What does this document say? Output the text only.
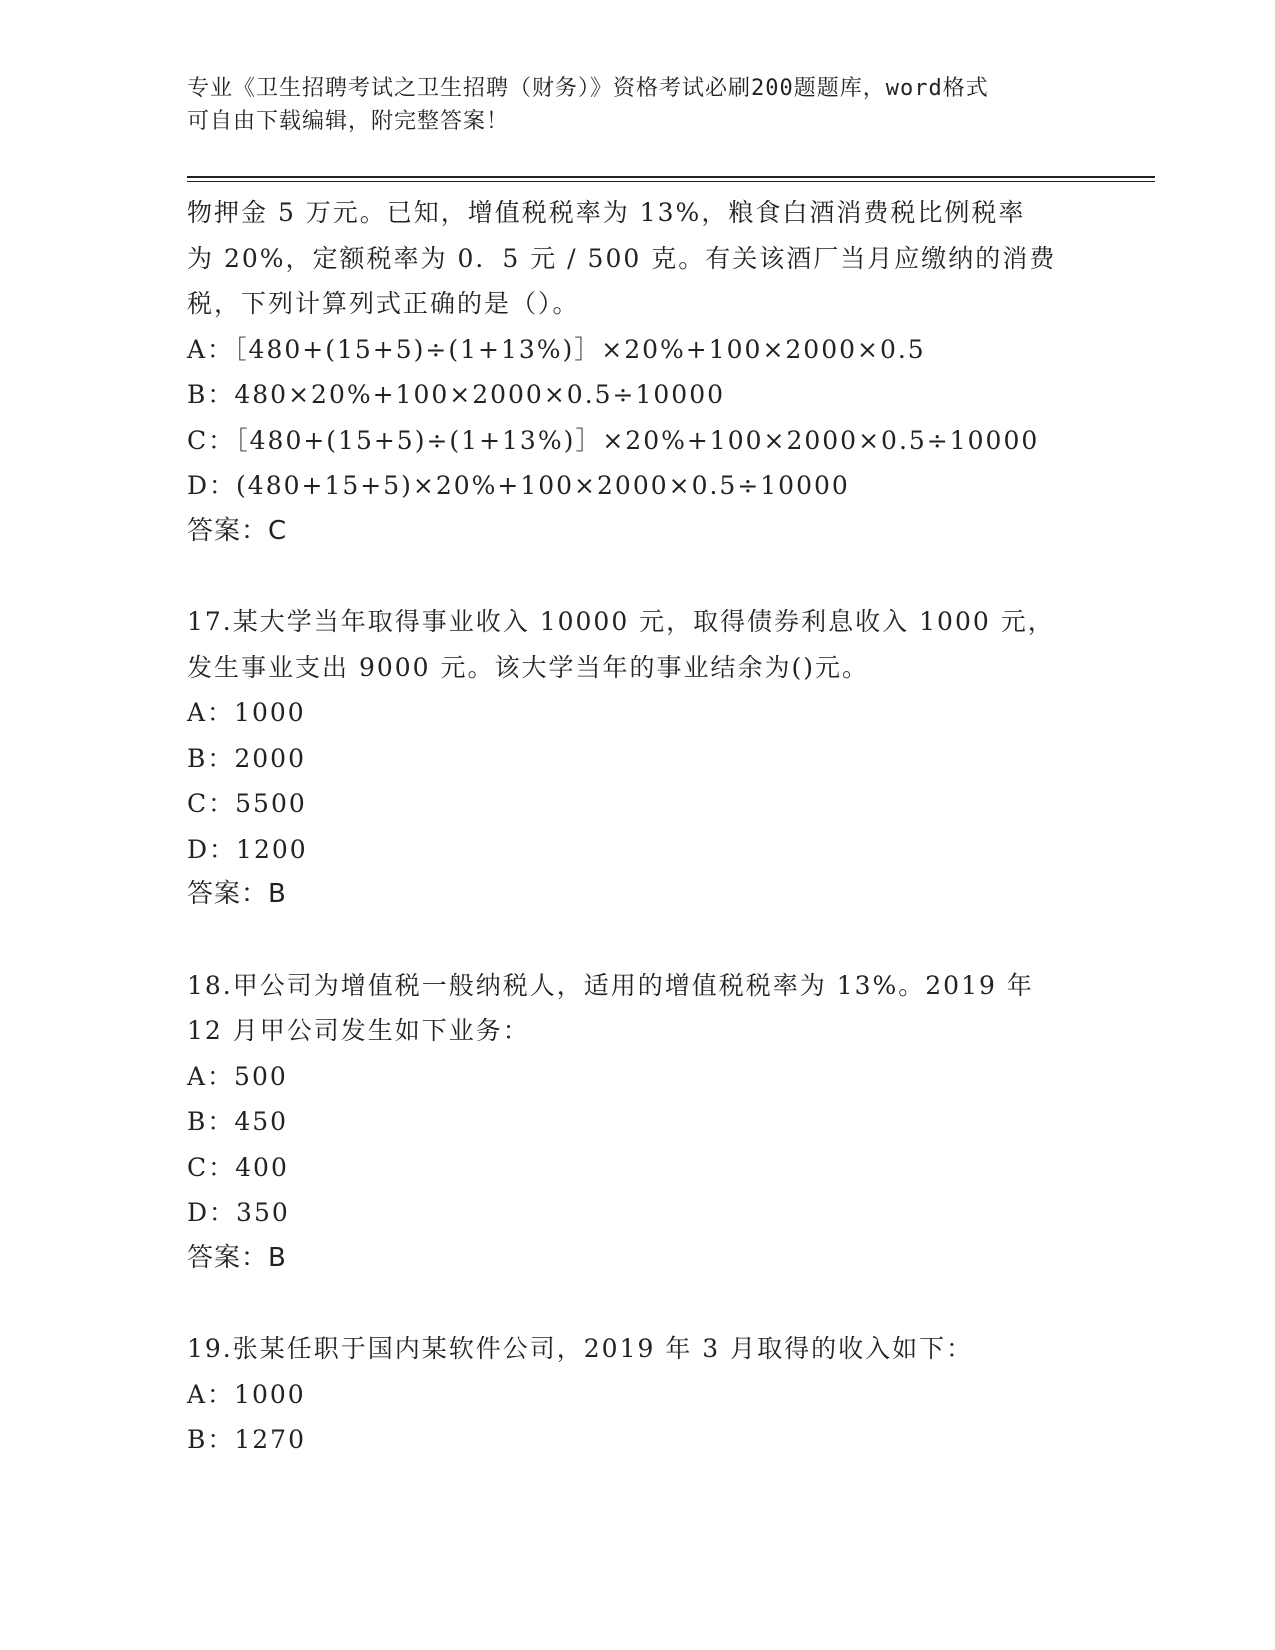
专业《卫生招聘考试之卫生招聘（财务）》资格考试必刷200题题库，word格式
可自由下载编辑，附完整答案！
物押金 5 万元。已知，增值税税率为 13%，粮食白酒消费税比例税率
为 20%，定额税率为 0．5 元 / 500 克。有关该酒厂当月应缴纳的消费
税，下列计算列式正确的是（）。
A：［480+(15+5)÷(1+13%)］×20%+100×2000×0.5
B：480×20%+100×2000×0.5÷10000
C：［480+(15+5)÷(1+13%)］×20%+100×2000×0.5÷10000
D：(480+15+5)×20%+100×2000×0.5÷10000
答案：C
17.某大学当年取得事业收入 10000 元，取得债券利息收入 1000 元，
发生事业支出 9000 元。该大学当年的事业结余为()元。
A：1000
B：2000
C：5500
D：1200
答案：B
18.甲公司为增值税一般纳税人，适用的增值税税率为 13%。2019 年
12 月甲公司发生如下业务：
A：500
B：450
C：400
D：350
答案：B
19.张某任职于国内某软件公司，2019 年 3 月取得的收入如下：
A：1000
B：1270
